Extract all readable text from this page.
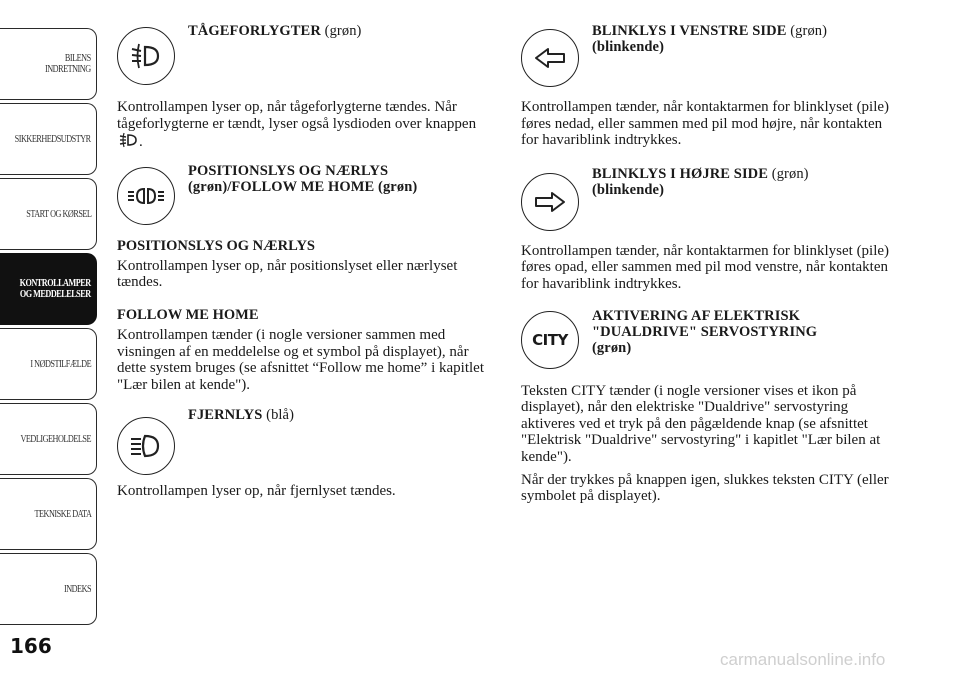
BILENS
INDRETNING
SIKKERHEDSUDSTYR
START OG KØRSEL
KONTROLLAMPER
OG MEDDELELSER
I NØDSTILFÆLDE
VEDLIGEHOLDELSE
TEKNISKE DATA
INDEKS
166
TÅGEFORLYGTER (grøn)

Kontrollampen lyser op, når tågeforlygterne tændes. Når tågeforlygterne er tændt, lyser også lysdioden over knappen .

POSITIONSLYS OG NÆRLYS
(grøn)/FOLLOW ME HOME (grøn)
POSITIONSLYS OG NÆRLYS

Kontrollampen lyser op, når positionslyset eller nærlyset tændes.

FOLLOW ME HOME

Kontrollampen tænder (i nogle versioner sammen med visningen af en meddelelse og et symbol på displayet), når dette system bruges (se afsnittet “Follow me home” i kapitlet "Lær bilen at kende").

FJERNLYS (blå)

Kontrollampen lyser op, når fjernlyset tændes.

BLINKLYS I VENSTRE SIDE (grøn)
(blinkende)

Kontrollampen tænder, når kontaktarmen for blinklyset (pile) føres nedad, eller sammen med pil mod højre, når kontakten for havariblink indtrykkes.

BLINKLYS I HØJRE SIDE (grøn)
(blinkende)

Kontrollampen tænder, når kontaktarmen for blinklyset (pile) føres opad, eller sammen med pil mod venstre, når kontakten for havariblink indtrykkes.

CITY
AKTIVERING AF ELEKTRISK
"DUALDRIVE" SERVOSTYRING
(grøn)

Teksten CITY tænder (i nogle versioner vises et ikon på displayet), når den elektriske "Dualdrive" servostyring aktiveres ved et tryk på den pågældende knap (se afsnittet "Elektrisk "Dualdrive" servostyring" i kapitlet "Lær bilen at kende").

Når der trykkes på knappen igen, slukkes teksten CITY (eller symbolet på displayet).

carmanualsonline.info
